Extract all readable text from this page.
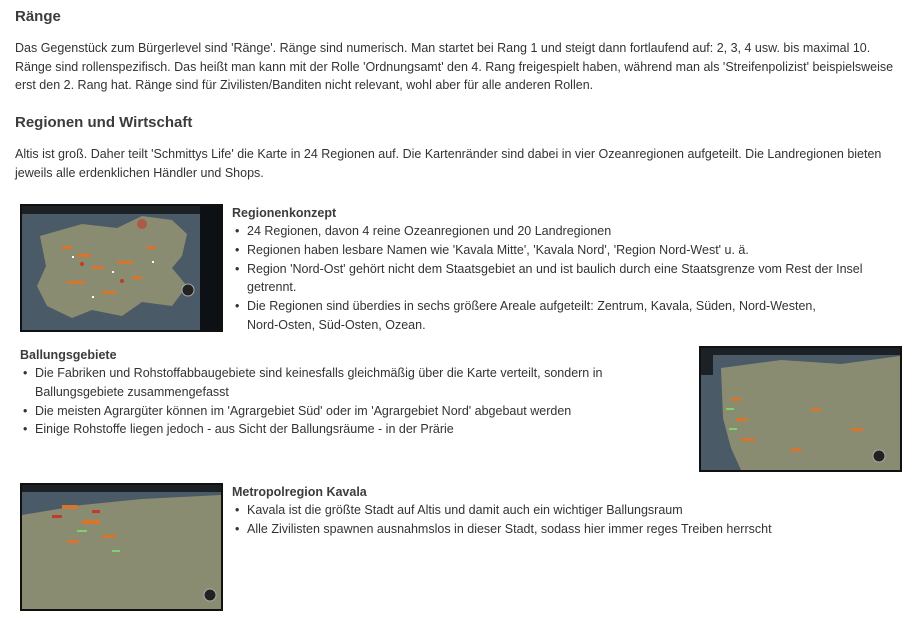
Ränge

Das Gegenstück zum Bürgerlevel sind 'Ränge'. Ränge sind numerisch. Man startet bei Rang 1 und steigt dann fortlaufend auf: 2, 3, 4 usw. bis maximal 10. Ränge sind rollenspezifisch. Das heißt man kann mit der Rolle 'Ordnungsamt' den 4. Rang freigespielt haben, während man als 'Streifenpolizist' beispielsweise erst den 2. Rang hat. Ränge sind für Zivilisten/Banditen nicht relevant, wohl aber für alle anderen Rollen.

Regionen und Wirtschaft

Altis ist groß. Daher teilt 'Schmittys Life' die Karte in 24 Regionen auf. Die Kartenränder sind dabei in vier Ozeanregionen aufgeteilt. Die Landregionen bieten jeweils alle erdenklichen Händler und Shops.

Regionenkonzept
• 24 Regionen, davon 4 reine Ozeanregionen und 20 Landregionen
• Regionen haben lesbare Namen wie 'Kavala Mitte', 'Kavala Nord', 'Region Nord-West' u. ä.
• Region 'Nord-Ost' gehört nicht dem Staatsgebiet an und ist baulich durch eine Staatsgrenze vom Rest der Insel getrennt.
• Die Regionen sind überdies in sechs größere Areale aufgeteilt: Zentrum, Kavala, Süden, Nord-Westen, Nord-Osten, Süd-Osten, Ozean.
Ballungsgebiete
• Die Fabriken und Rohstoffabbaugebiete sind keinesfalls gleichmäßig über die Karte verteilt, sondern in Ballungsgebiete zusammengefasst
• Die meisten Agrargüter können im 'Agrargebiet Süd' oder im 'Agrargebiet Nord' abgebaut werden
• Einige Rohstoffe liegen jedoch - aus Sicht der Ballungsräume - in der Prärie
Metropolregion Kavala
• Kavala ist die größte Stadt auf Altis und damit auch ein wichtiger Ballungsraum
• Alle Zivilisten spawnen ausnahmslos in dieser Stadt, sodass hier immer reges Treiben herrscht
